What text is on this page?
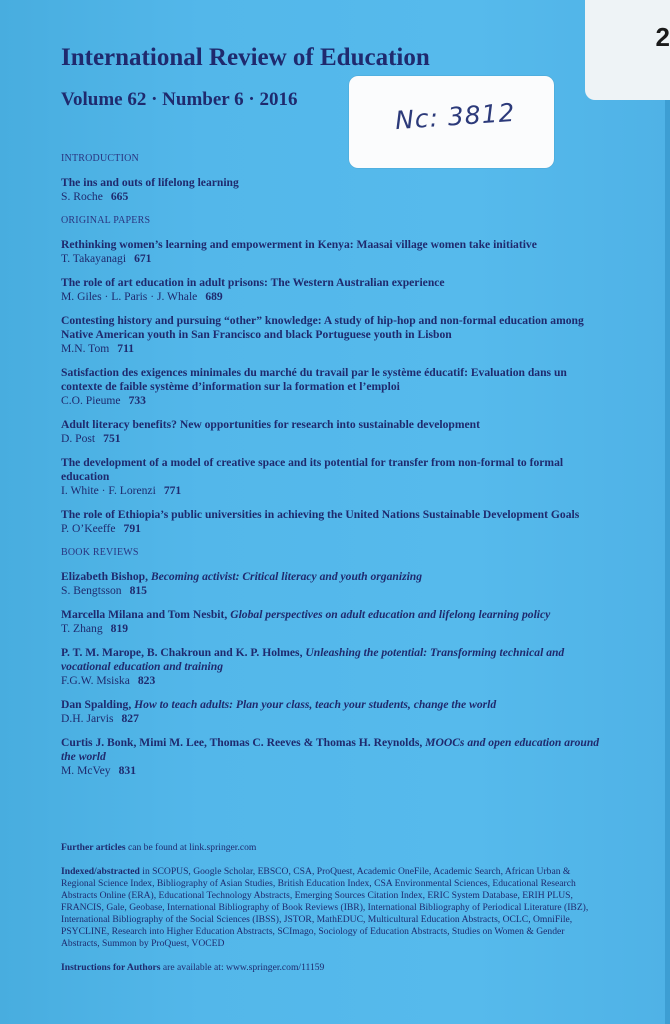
2
International Review of Education
Volume 62 · Number 6 · 2016	Nc: 3812
INTRODUCTION
The ins and outs of lifelong learning
S. Roche 665
ORIGINAL PAPERS
Rethinking women’s learning and empowerment in Kenya: Maasai village women take initiative
T. Takayanagi 671
The role of art education in adult prisons: The Western Australian experience
M. Giles · L. Paris · J. Whale 689
Contesting history and pursuing “other” knowledge: A study of hip-hop and non-formal education among Native American youth in San Francisco and black Portuguese youth in Lisbon
M.N. Tom 711
Satisfaction des exigences minimales du marché du travail par le système éducatif: Evaluation dans un contexte de faible système d’information sur la formation et l’emploi
C.O. Pieume 733
Adult literacy benefits? New opportunities for research into sustainable development
D. Post 751
The development of a model of creative space and its potential for transfer from non-formal to formal education
I. White · F. Lorenzi 771
The role of Ethiopia’s public universities in achieving the United Nations Sustainable Development Goals
P. O’Keeffe 791
BOOK REVIEWS
Elizabeth Bishop, Becoming activist: Critical literacy and youth organizing
S. Bengtsson 815
Marcella Milana and Tom Nesbit, Global perspectives on adult education and lifelong learning policy
T. Zhang 819
P. T. M. Marope, B. Chakroun and K. P. Holmes, Unleashing the potential: Transforming technical and vocational education and training
F.G.W. Msiska 823
Dan Spalding, How to teach adults: Plan your class, teach your students, change the world
D.H. Jarvis 827
Curtis J. Bonk, Mimi M. Lee, Thomas C. Reeves & Thomas H. Reynolds, MOOCs and open education around the world
M. McVey 831
Further articles can be found at link.springer.com
Indexed/abstracted in SCOPUS, Google Scholar, EBSCO, CSA, ProQuest, Academic OneFile, Academic Search, African Urban & Regional Science Index, Bibliography of Asian Studies, British Education Index, CSA Environmental Sciences, Educational Research Abstracts Online (ERA), Educational Technology Abstracts, Emerging Sources Citation Index, ERIC System Database, ERIH PLUS, FRANCIS, Gale, Geobase, International Bibliography of Book Reviews (IBR), International Bibliography of Periodical Literature (IBZ), International Bibliography of the Social Sciences (IBSS), JSTOR, MathEDUC, Multicultural Education Abstracts, OCLC, OmniFile, PSYCLINE, Research into Higher Education Abstracts, SCImago, Sociology of Education Abstracts, Studies on Women & Gender Abstracts, Summon by ProQuest, VOCED
Instructions for Authors are available at: www.springer.com/11159
